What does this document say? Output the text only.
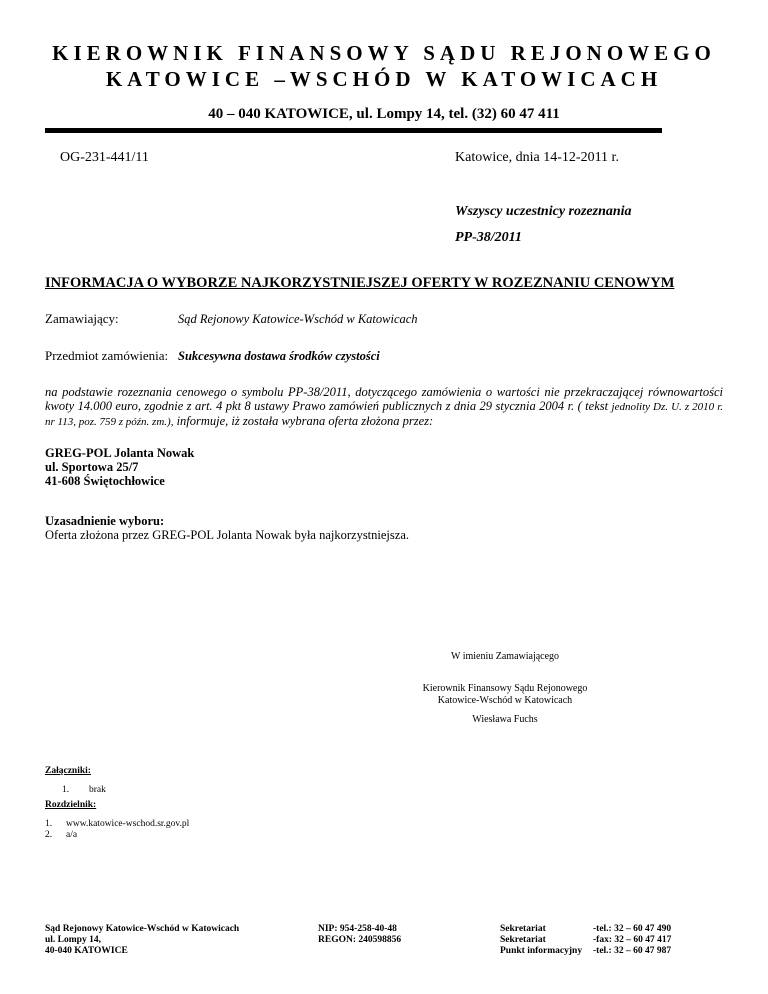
KIEROWNIK FINANSOWY SĄDU REJONOWEGO
KATOWICE –WSCHÓD W KATOWICACH
40 – 040 KATOWICE, ul. Lompy 14, tel. (32) 60 47 411
OG-231-441/11	Katowice, dnia 14-12-2011 r.
Wszyscy uczestnicy rozeznania
PP-38/2011
INFORMACJA O WYBORZE NAJKORZYSTNIEJSZEJ OFERTY W ROZEZNANIU CENOWYM
Zamawiający:	Sąd Rejonowy Katowice-Wschód w Katowicach
Przedmiot zamówienia: Sukcesywna dostawa środków czystości
na podstawie rozeznania cenowego o symbolu PP-38/2011, dotyczącego zamówienia o wartości nie przekraczającej równowartości kwoty 14.000 euro, zgodnie z art. 4 pkt 8 ustawy Prawo zamówień publicznych z dnia 29 stycznia 2004 r. ( tekst jednolity Dz. U. z 2010 r. nr 113, poz. 759 z późn. zm.), informuje, iż została wybrana oferta złożona przez:
GREG-POL Jolanta Nowak
ul. Sportowa 25/7
41-608 Świętochłowice
Uzasadnienie wyboru:
Oferta złożona przez GREG-POL Jolanta Nowak była najkorzystniejsza.
W imieniu Zamawiającego
Kierownik Finansowy Sądu Rejonowego
Katowice-Wschód w Katowicach
Wiesława Fuchs
Załączniki:
1. brak
Rozdzielnik:
1. www.katowice-wschod.sr.gov.pl
2. a/a
Sąd Rejonowy Katowice-Wschód w Katowicach
ul. Lompy 14,
40-040 KATOWICE
NIP: 954-258-40-48
REGON: 240598856
Sekretariat
Sekretariat
Punkt informacyjny
-tel.: 32 – 60 47 490
-fax: 32 – 60 47 417
-tel.: 32 – 60 47 987
